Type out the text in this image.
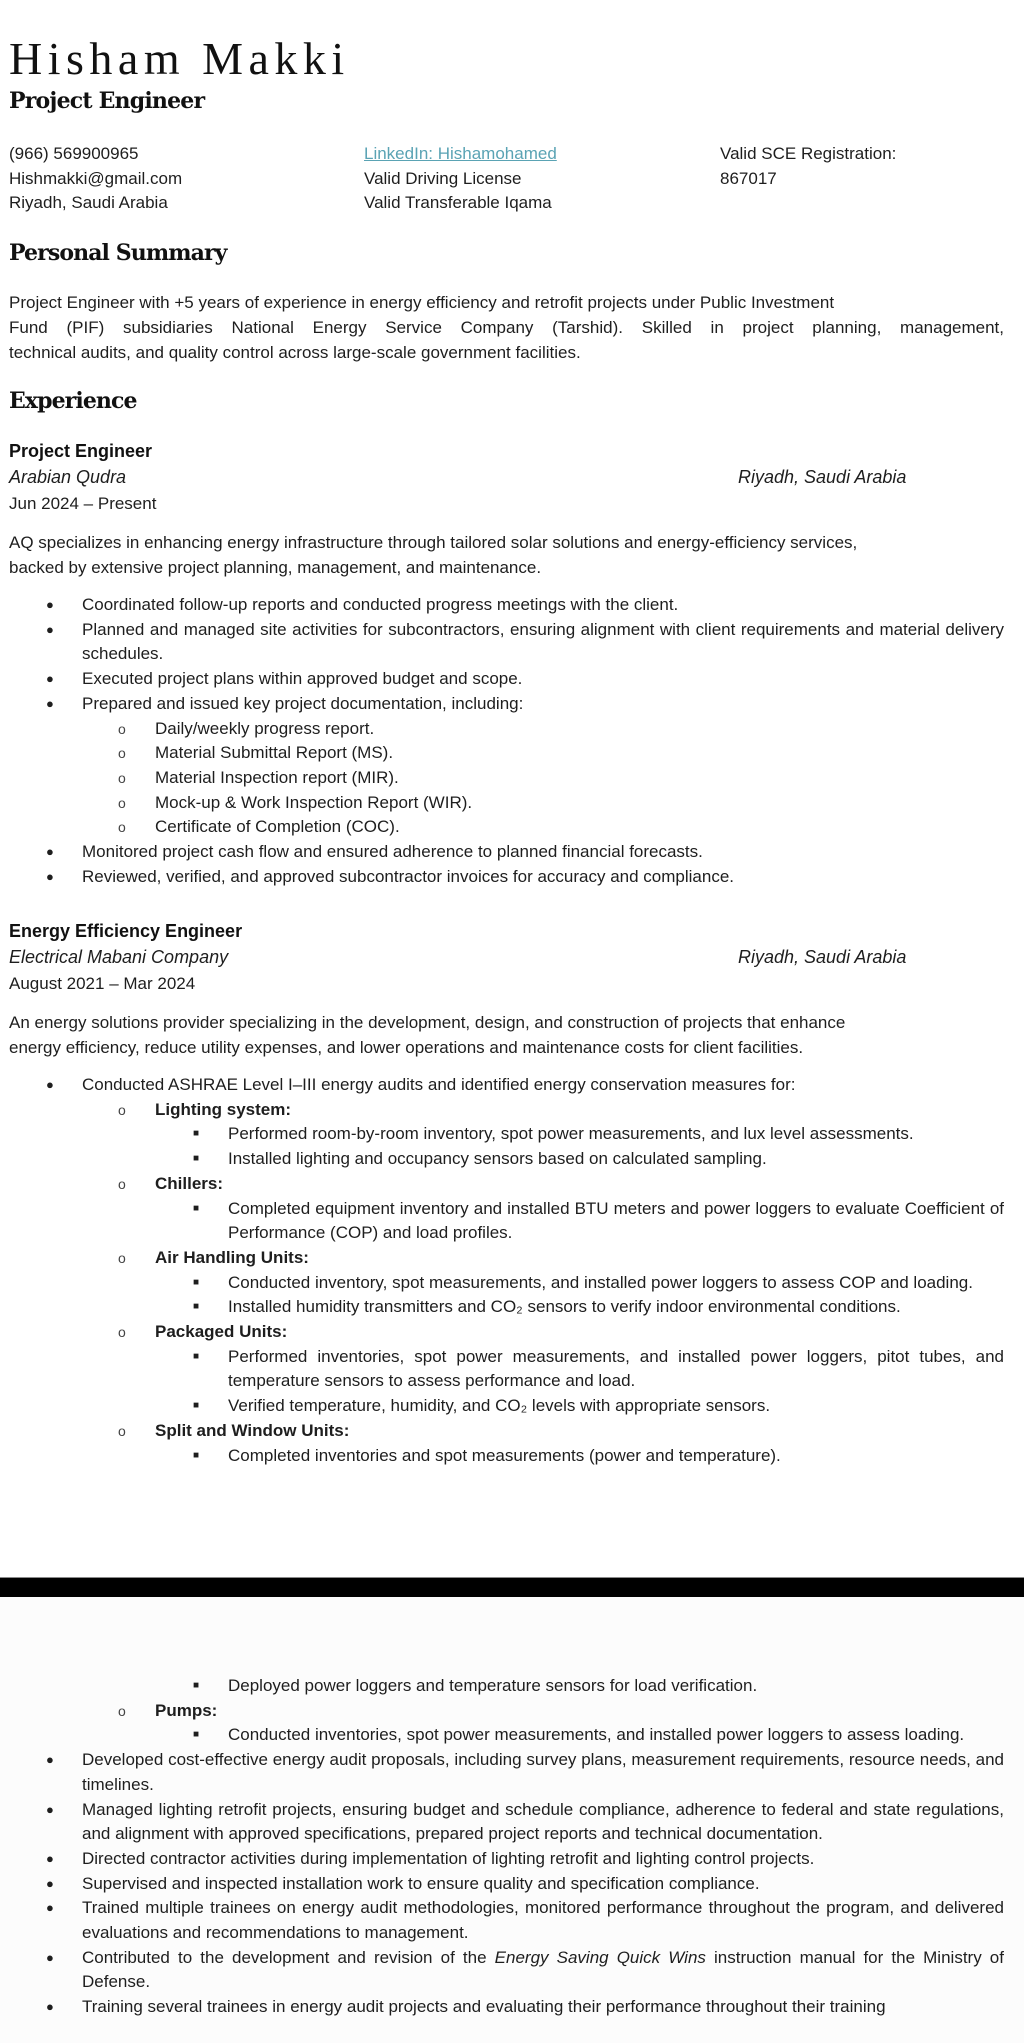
Hisham Makki
Project Engineer
(966) 569900965
Hishmakki@gmail.com
Riyadh, Saudi Arabia
LinkedIn: Hishamohamed
Valid Driving License
Valid Transferable Iqama
Valid SCE Registration:
867017
Personal Summary
Project Engineer with +5 years of experience in energy efficiency and retrofit projects under Public Investment
Fund (PIF) subsidiaries National Energy Service Company (Tarshid). Skilled in project planning, management,
technical audits, and quality control across large-scale government facilities.
Experience
Project Engineer
Arabian Qudra	Riyadh, Saudi Arabia
Jun 2024 – Present
AQ specializes in enhancing energy infrastructure through tailored solar solutions and energy-efficiency services,
backed by extensive project planning, management, and maintenance.
● Coordinated follow-up reports and conducted progress meetings with the client.
● Planned and managed site activities for subcontractors, ensuring alignment with client requirements and material delivery schedules.
● Executed project plans within approved budget and scope.
● Prepared and issued key project documentation, including:
o Daily/weekly progress report.
o Material Submittal Report (MS).
o Material Inspection report (MIR).
o Mock-up & Work Inspection Report (WIR).
o Certificate of Completion (COC).
● Monitored project cash flow and ensured adherence to planned financial forecasts.
● Reviewed, verified, and approved subcontractor invoices for accuracy and compliance.
Energy Efficiency Engineer
Electrical Mabani Company	Riyadh, Saudi Arabia
August 2021 – Mar 2024
An energy solutions provider specializing in the development, design, and construction of projects that enhance
energy efficiency, reduce utility expenses, and lower operations and maintenance costs for client facilities.
● Conducted ASHRAE Level I–III energy audits and identified energy conservation measures for:
o Lighting system:
■ Performed room-by-room inventory, spot power measurements, and lux level assessments.
■ Installed lighting and occupancy sensors based on calculated sampling.
o Chillers:
■ Completed equipment inventory and installed BTU meters and power loggers to evaluate Coefficient of Performance (COP) and load profiles.
o Air Handling Units:
■ Conducted inventory, spot measurements, and installed power loggers to assess COP and loading.
■ Installed humidity transmitters and CO₂ sensors to verify indoor environmental conditions.
o Packaged Units:
■ Performed inventories, spot power measurements, and installed power loggers, pitot tubes, and temperature sensors to assess performance and load.
■ Verified temperature, humidity, and CO₂ levels with appropriate sensors.
o Split and Window Units:
■ Completed inventories and spot measurements (power and temperature).
■ Deployed power loggers and temperature sensors for load verification.
o Pumps:
■ Conducted inventories, spot power measurements, and installed power loggers to assess loading.
● Developed cost-effective energy audit proposals, including survey plans, measurement requirements, resource needs, and timelines.
● Managed lighting retrofit projects, ensuring budget and schedule compliance, adherence to federal and state regulations, and alignment with approved specifications, prepared project reports and technical documentation.
● Directed contractor activities during implementation of lighting retrofit and lighting control projects.
● Supervised and inspected installation work to ensure quality and specification compliance.
● Trained multiple trainees on energy audit methodologies, monitored performance throughout the program, and delivered evaluations and recommendations to management.
● Contributed to the development and revision of the Energy Saving Quick Wins instruction manual for the Ministry of Defense.
● Training several trainees in energy audit projects and evaluating their performance throughout their training
